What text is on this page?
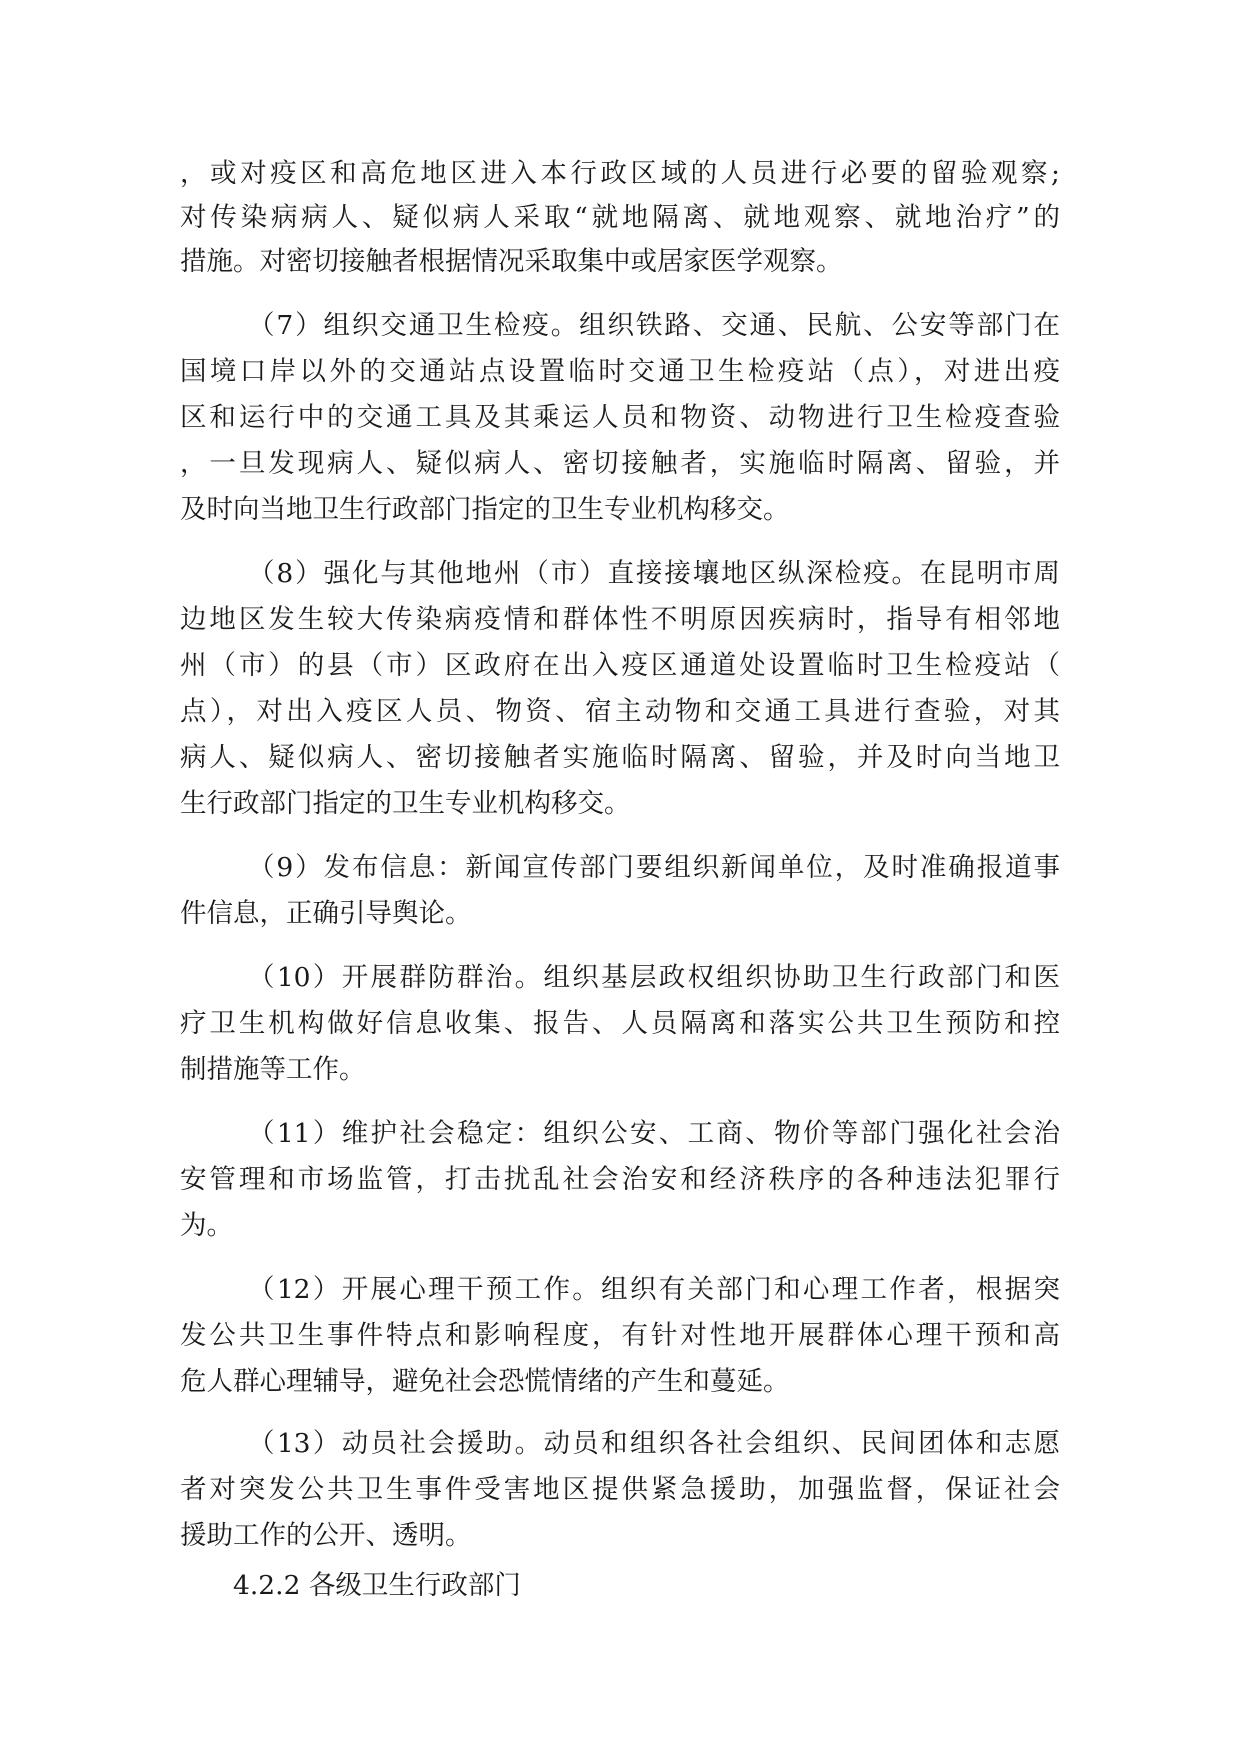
，或对疫区和高危地区进入本行政区域的人员进行必要的留验观察;
对传染病病人、疑似病人采取“就地隔离、就地观察、就地治疗”的
措施。对密切接触者根据情况采取集中或居家医学观察。
（7）组织交通卫生检疫。组织铁路、交通、民航、公安等部门在
国境口岸以外的交通站点设置临时交通卫生检疫站（点），对进出疫
区和运行中的交通工具及其乘运人员和物资、动物进行卫生检疫查验
，一旦发现病人、疑似病人、密切接触者，实施临时隔离、留验，并
及时向当地卫生行政部门指定的卫生专业机构移交。
（8）强化与其他地州（市）直接接壤地区纵深检疫。在昆明市周
边地区发生较大传染病疫情和群体性不明原因疾病时，指导有相邻地
州（市）的县（市）区政府在出入疫区通道处设置临时卫生检疫站（
点），对出入疫区人员、物资、宿主动物和交通工具进行查验，对其
病人、疑似病人、密切接触者实施临时隔离、留验，并及时向当地卫
生行政部门指定的卫生专业机构移交。
（9）发布信息：新闻宣传部门要组织新闻单位，及时准确报道事
件信息，正确引导舆论。
（10）开展群防群治。组织基层政权组织协助卫生行政部门和医
疗卫生机构做好信息收集、报告、人员隔离和落实公共卫生预防和控
制措施等工作。
（11）维护社会稳定：组织公安、工商、物价等部门强化社会治
安管理和市场监管，打击扰乱社会治安和经济秩序的各种违法犯罪行
为。
（12）开展心理干预工作。组织有关部门和心理工作者，根据突
发公共卫生事件特点和影响程度，有针对性地开展群体心理干预和高
危人群心理辅导，避免社会恐慌情绪的产生和蔓延。
（13）动员社会援助。动员和组织各社会组织、民间团体和志愿
者对突发公共卫生事件受害地区提供紧急援助，加强监督，保证社会
援助工作的公开、透明。
4.2.2 各级卫生行政部门
